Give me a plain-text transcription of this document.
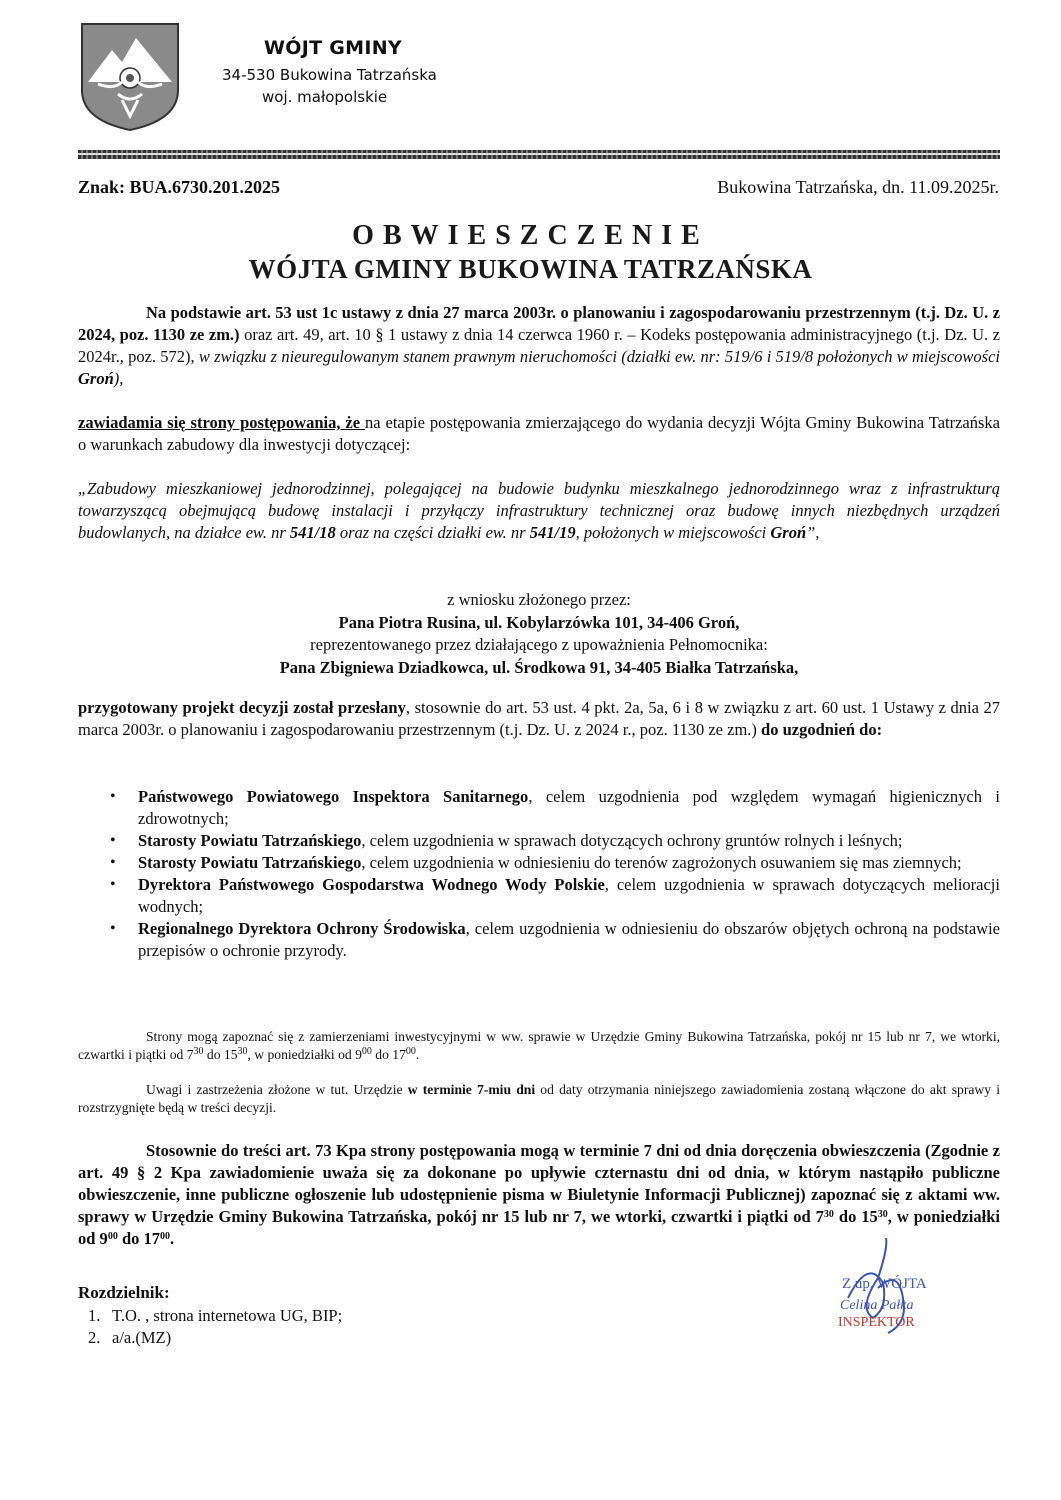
WÓJT GMINY
34-530 Bukowina Tatrzańska
woj. małopolskie
Znak: BUA.6730.201.2025	Bukowina Tatrzańska, dn. 11.09.2025r.
OBWIESZCZENIE
WÓJTA GMINY BUKOWINA TATRZAŃSKA

Na podstawie art. 53 ust 1c ustawy z dnia 27 marca 2003r. o planowaniu i zagospodarowaniu przestrzennym (t.j. Dz. U. z 2024, poz. 1130 ze zm.) oraz art. 49, art. 10 § 1 ustawy z dnia 14 czerwca 1960 r. – Kodeks postępowania administracyjnego (t.j. Dz. U. z 2024r., poz. 572), w związku z nieuregulowanym stanem prawnym nieruchomości (działki ew. nr: 519/6 i 519/8 położonych w miejscowości Groń),

zawiadamia się strony postępowania, że na etapie postępowania zmierzającego do wydania decyzji Wójta Gminy Bukowina Tatrzańska o warunkach zabudowy dla inwestycji dotyczącej:

„Zabudowy mieszkaniowej jednorodzinnej, polegającej na budowie budynku mieszkalnego jednorodzinnego wraz z infrastrukturą towarzyszącą obejmującą budowę instalacji i przyłączy infrastruktury technicznej oraz budowę innych niezbędnych urządzeń budowlanych, na działce ew. nr 541/18 oraz na części działki ew. nr 541/19, położonych w miejscowości Groń”,

z wniosku złożonego przez:
Pana Piotra Rusina, ul. Kobylarzówka 101, 34-406 Groń,
reprezentowanego przez działającego z upoważnienia Pełnomocnika:
Pana Zbigniewa Dziadkowca, ul. Środkowa 91, 34-405 Białka Tatrzańska,

przygotowany projekt decyzji został przesłany, stosownie do art. 53 ust. 4 pkt. 2a, 5a, 6 i 8 w związku z art. 60 ust. 1 Ustawy z dnia 27 marca 2003r. o planowaniu i zagospodarowaniu przestrzennym (t.j. Dz. U. z 2024 r., poz. 1130 ze zm.) do uzgodnień do:

• Państwowego Powiatowego Inspektora Sanitarnego, celem uzgodnienia pod względem wymagań higienicznych i zdrowotnych;
• Starosty Powiatu Tatrzańskiego, celem uzgodnienia w sprawach dotyczących ochrony gruntów rolnych i leśnych;
• Starosty Powiatu Tatrzańskiego, celem uzgodnienia w odniesieniu do terenów zagrożonych osuwaniem się mas ziemnych;
• Dyrektora Państwowego Gospodarstwa Wodnego Wody Polskie, celem uzgodnienia w sprawach dotyczących melioracji wodnych;
• Regionalnego Dyrektora Ochrony Środowiska, celem uzgodnienia w odniesieniu do obszarów objętych ochroną na podstawie przepisów o ochronie przyrody.

Strony mogą zapoznać się z zamierzeniami inwestycyjnymi w ww. sprawie w Urzędzie Gminy Bukowina Tatrzańska, pokój nr 15 lub nr 7, we wtorki, czwartki i piątki od $7^{30}$ do $15^{30}$, w poniedziałki od $9^{00}$ do $17^{00}$.

Uwagi i zastrzeżenia złożone w tut. Urzędzie w terminie 7-miu dni od daty otrzymania niniejszego zawiadomienia zostaną włączone do akt sprawy i rozstrzygnięte będą w treści decyzji.

Stosownie do treści art. 73 Kpa strony postępowania mogą w terminie 7 dni od dnia doręczenia obwieszczenia (Zgodnie z art. 49 § 2 Kpa zawiadomienie uważa się za dokonane po upływie czternastu dni od dnia, w którym nastąpiło publiczne obwieszczenie, inne publiczne ogłoszenie lub udostępnienie pisma w Biuletynie Informacji Publicznej) zapoznać się z aktami ww. sprawy w Urzędzie Gminy Bukowina Tatrzańska, pokój nr 15 lub nr 7, we wtorki, czwartki i piątki od $7^{30}$ do $15^{30}$, w poniedziałki od $9^{00}$ do $17^{00}$.

Rozdzielnik:
1. T.O. , strona internetowa UG, BIP;
2. a/a.(MZ)
Z up. WÓJTA
Celina Pałka
INSPEKTOR
